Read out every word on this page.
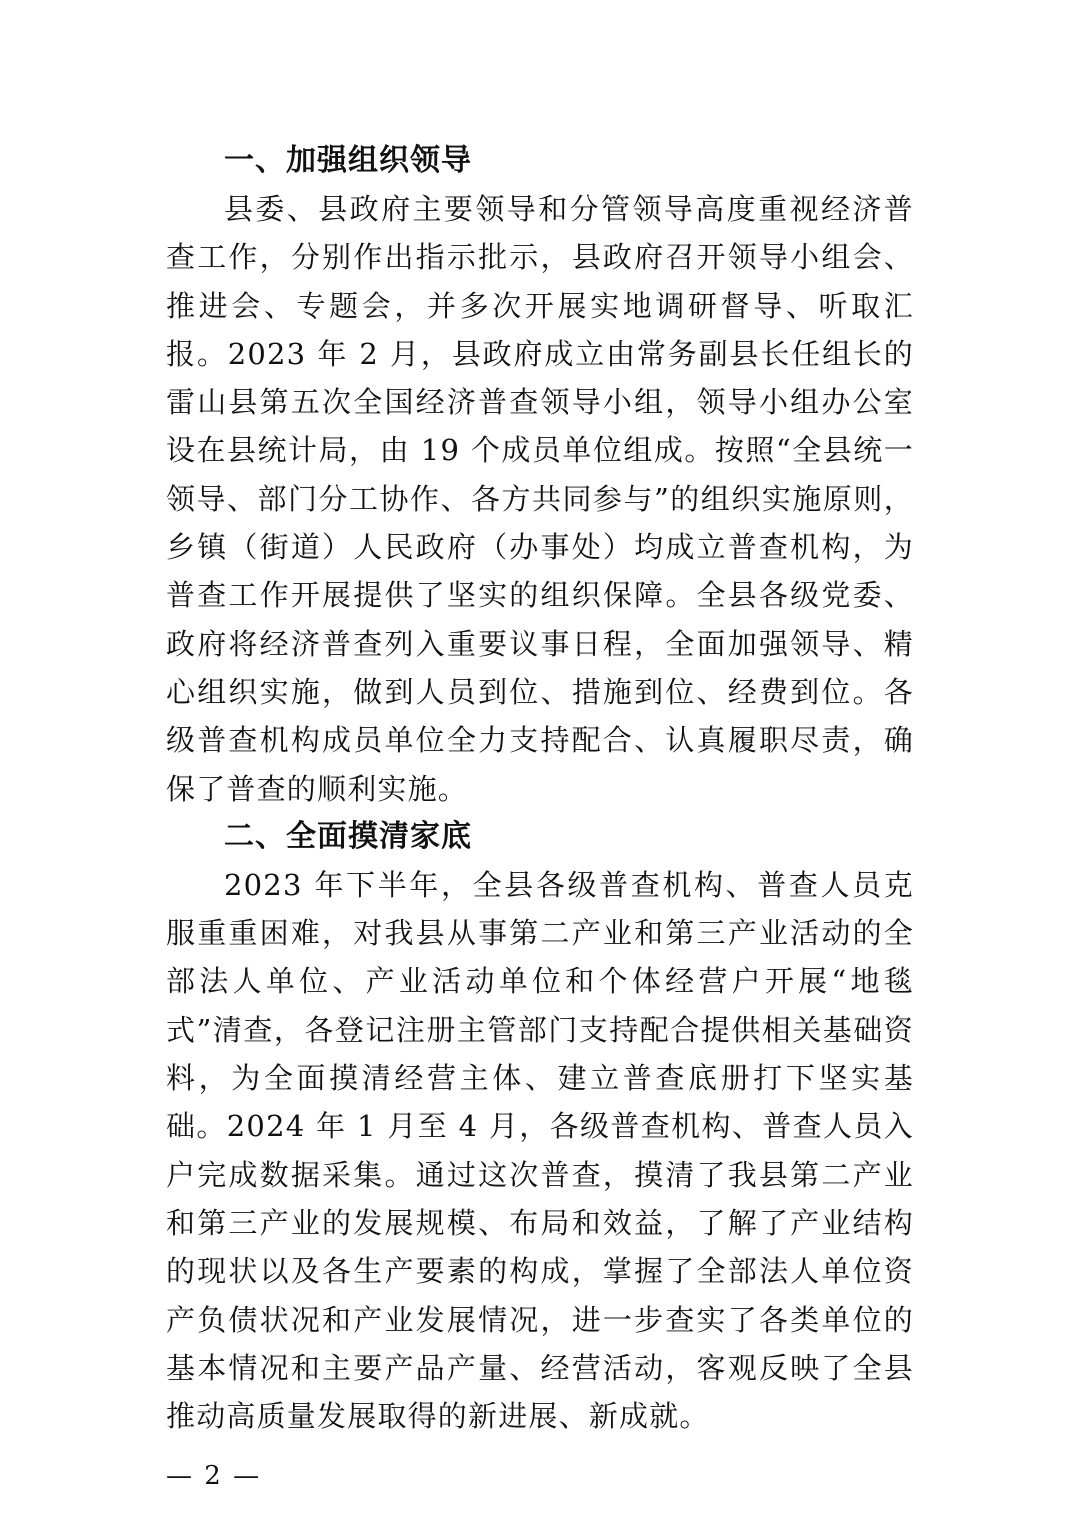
一、加强组织领导

县委、县政府主要领导和分管领导高度重视经济普查工作，分别作出指示批示，县政府召开领导小组会、推进会、专题会，并多次开展实地调研督导、听取汇报。2023 年 2 月，县政府成立由常务副县长任组长的雷山县第五次全国经济普查领导小组，领导小组办公室设在县统计局，由 19 个成员单位组成。按照“全县统一领导、部门分工协作、各方共同参与”的组织实施原则，乡镇（街道）人民政府（办事处）均成立普查机构，为普查工作开展提供了坚实的组织保障。全县各级党委、政府将经济普查列入重要议事日程，全面加强领导、精心组织实施，做到人员到位、措施到位、经费到位。各级普查机构成员单位全力支持配合、认真履职尽责，确保了普查的顺利实施。

二、全面摸清家底

2023 年下半年，全县各级普查机构、普查人员克服重重困难，对我县从事第二产业和第三产业活动的全部法人单位、产业活动单位和个体经营户开展“地毯式”清查，各登记注册主管部门支持配合提供相关基础资料，为全面摸清经营主体、建立普查底册打下坚实基础。2024 年 1 月至 4 月，各级普查机构、普查人员入户完成数据采集。通过这次普查，摸清了我县第二产业和第三产业的发展规模、布局和效益，了解了产业结构的现状以及各生产要素的构成，掌握了全部法人单位资产负债状况和产业发展情况，进一步查实了各类单位的基本情况和主要产品产量、经营活动，客观反映了全县推动高质量发展取得的新进展、新成就。

— 2 —
